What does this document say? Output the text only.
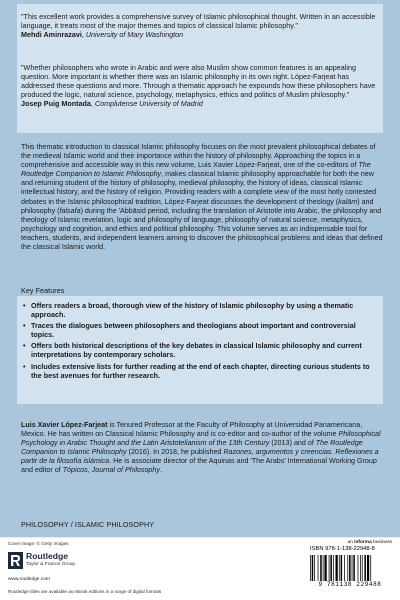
"This excellent work provides a comprehensive survey of Islamic philosophical thought. Written in an accessible language, it treats most of the major themes and topics of classical Islamic philosophy."
Mehdi Aminrazavi, University of Mary Washington
"Whether philosophers who wrote in Arabic and were also Muslim show common features is an appealing question. More important is whether there was an Islamic philosophy in its own right. López-Farjeat has addressed these questions and more. Through a thematic approach he expounds how these philosophers have produced the logic, natural science, psychology, metaphysics, ethics and politics of Muslim philosophy."
Josep Puig Montada, Complutense University of Madrid
This thematic introduction to classical Islamic philosophy focuses on the most prevalent philosophical debates of the medieval Islamic world and their importance within the history of philosophy. Approaching the topics in a comprehensive and accessible way in this new volume, Luis Xavier López-Farjeat, one of the co-editors of The Routledge Companion to Islamic Philosophy, makes classical Islamic philosophy approachable for both the new and returning student of the history of philosophy, medieval philosophy, the history of ideas, classical Islamic intellectual history, and the history of religion. Providing readers with a complete view of the most hotly contested debates in the Islamic philosophical tradition, López-Farjeat discusses the development of theology (kalām) and philosophy (falsafa) during the 'Abbāsid period, including the translation of Aristotle into Arabic, the philosophy and theology of Islamic revelation, logic and philosophy of language, philosophy of natural science, metaphysics, psychology and cognition, and ethics and political philosophy. This volume serves as an indispensable tool for teachers, students, and independent learners aiming to discover the philosophical problems and ideas that defined the classical Islamic world.
Key Features
• Offers readers a broad, thorough view of the history of Islamic philosophy by using a thematic approach.
• Traces the dialogues between philosophers and theologians about important and controversial topics.
• Offers both historical descriptions of the key debates in classical Islamic philosophy and current interpretations by contemporary scholars.
• Includes extensive lists for further reading at the end of each chapter, directing curious students to the best avenues for further research.
Luis Xavier López-Farjeat is Tenured Professor at the Faculty of Philosophy at Universidad Panamericana, Mexico. He has written on Classical Islamic Philosophy and is co-editor and co-author of the volume Philosophical Psychology in Arabic Thought and the Latin Aristotelianism of the 13th Century (2013) and of The Routledge Companion to Islamic Philosophy (2016). In 2018, he published Razones, argumentos y creencias. Reflexiones a partir de la filosofía islámica. He is associate director of the Aquinas and 'The Arabs' International Working Group and editor of Tópicos, Journal of Philosophy.
PHILOSOPHY / ISLAMIC PHILOSOPHY
Cover image: © Getty Images
Routledge
Taylor & Francis Group
www.routledge.com
Routledge titles are available as eBook editions in a range of digital formats
an informa business
ISBN 978-1-138-22948-8
9 781138 229488
